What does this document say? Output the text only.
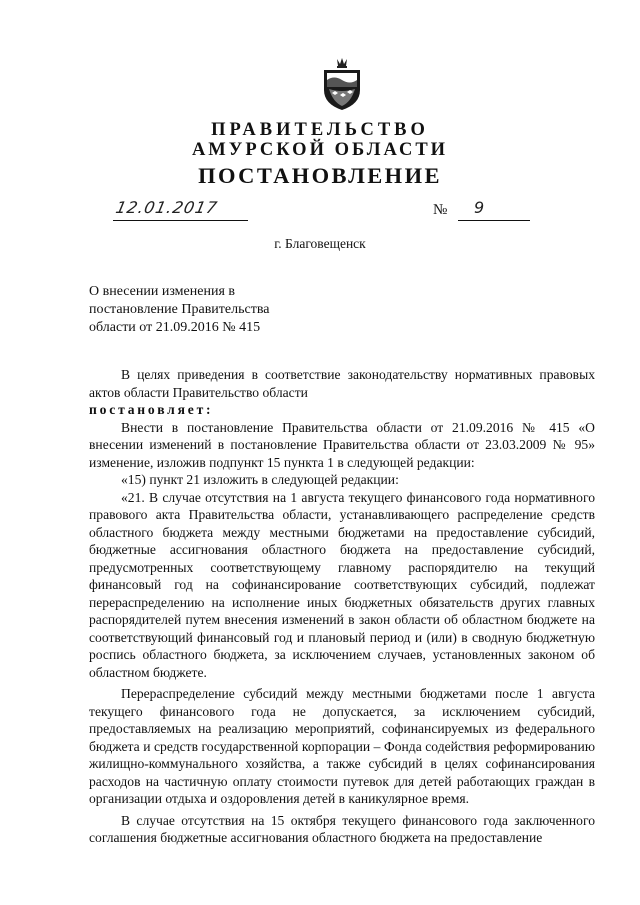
ПРАВИТЕЛЬСТВО
АМУРСКОЙ ОБЛАСТИ
ПОСТАНОВЛЕНИЕ
12.01.2017	№ 9
г. Благовещенск
О внесении изменения в
постановление Правительства
области от 21.09.2016 № 415

В целях приведения в соответствие законодательству нормативных правовых актов области Правительство области

постановляет:

Внести в постановление Правительства области от 21.09.2016 № 415 «О внесении изменений в постановление Правительства области от 23.03.2009 № 95» изменение, изложив подпункт 15 пункта 1 в следующей редакции:

«15) пункт 21 изложить в следующей редакции:

«21. В случае отсутствия на 1 августа текущего финансового года нормативного правового акта Правительства области, устанавливающего распределение средств областного бюджета между местными бюджетами на предоставление субсидий, бюджетные ассигнования областного бюджета на предоставление субсидий, предусмотренных соответствующему главному распорядителю на текущий финансовый год на софинансирование соответствующих субсидий, подлежат перераспределению на исполнение иных бюджетных обязательств других главных распорядителей путем внесения изменений в закон области об областном бюджете на соответствующий финансовый год и плановый период и (или) в сводную бюджетную роспись областного бюджета, за исключением случаев, установленных законом об областном бюджете.

Перераспределение субсидий между местными бюджетами после 1 августа текущего финансового года не допускается, за исключением субсидий, предоставляемых на реализацию мероприятий, софинансируемых из федерального бюджета и средств государственной корпорации – Фонда содействия реформированию жилищно-коммунального хозяйства, а также субсидий в целях софинансирования расходов на частичную оплату стоимости путевок для детей работающих граждан в организации отдыха и оздоровления детей в каникулярное время.

В случае отсутствия на 15 октября текущего финансового года заключенного соглашения бюджетные ассигнования областного бюджета на предоставление
